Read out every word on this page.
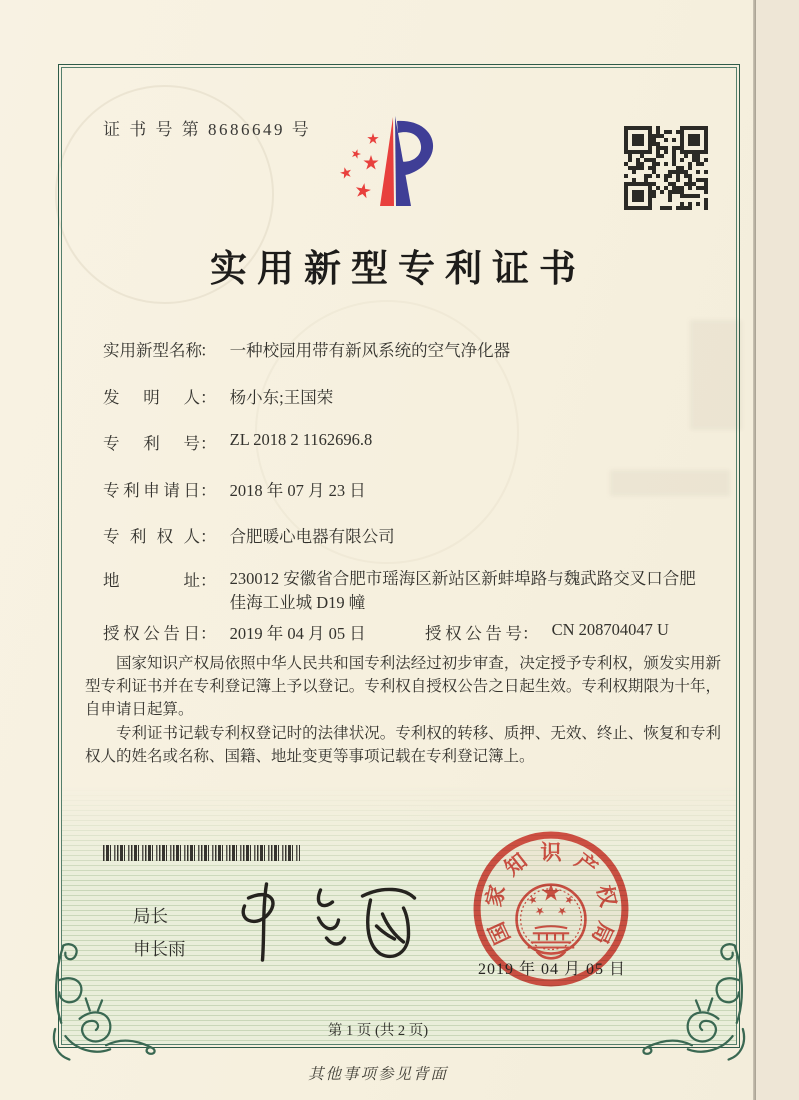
证 书 号 第 8686649 号
实用新型专利证书
实 用 新 型 名 称
： 一种校园用带有新风系统的空气净化器
发 明 人 ： 杨小东;王国荣
专 利 号 ： ZL 2018 2 1162696.8
专 利 申 请 日 ： 2018 年 07 月 23 日
专 利 权 人 ： 合肥暖心电器有限公司
地	址 ： 230012 安徽省合肥市瑶海区新站区新蚌埠路与魏武路交叉口合肥佳海工业城 D19 幢
授 权 公 告 日 ： 2019 年 04 月 05 日	授 权 公 告 号 ： CN 208704047 U

国家知识产权局依照中华人民共和国专利法经过初步审查，决定授予专利权，颁发实用新型专利证书并在专利登记簿上予以登记。专利权自授权公告之日起生效。专利权期限为十年，自申请日起算。

专利证书记载专利权登记时的法律状况。专利权的转移、质押、无效、终止、恢复和专利权人的姓名或名称、国籍、地址变更等事项记载在专利登记簿上。

局长
申长雨
国
家
知 识 产
权
局
2019 年 04 月 05 日
第 1 页 (共 2 页)
其他事项参见背面
